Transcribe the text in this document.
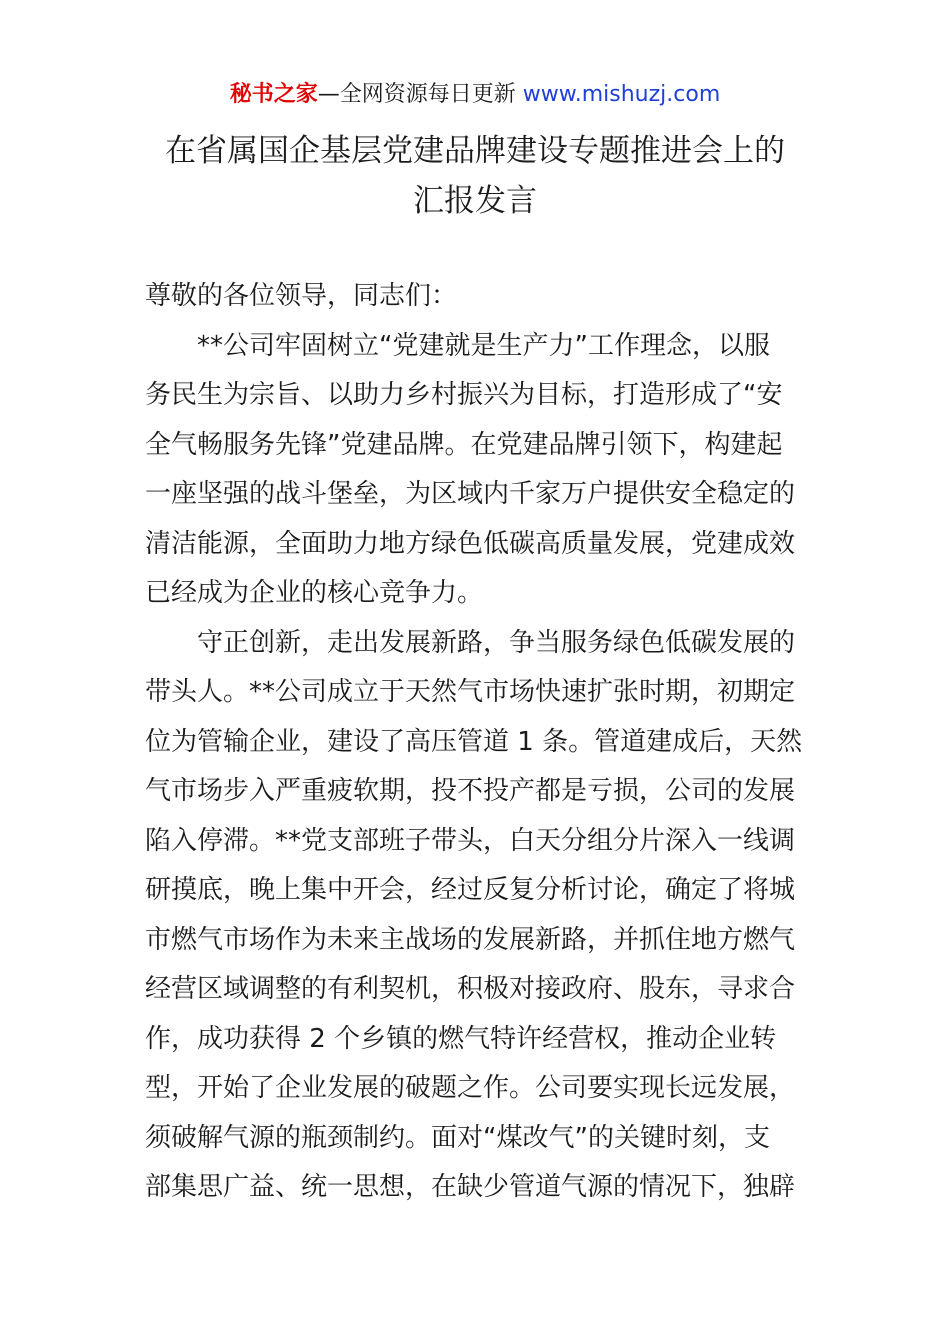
秘书之家—全网资源每日更新 www.mishuzj.com
在省属国企基层党建品牌建设专题推进会上的
汇报发言
尊敬的各位领导，同志们：
**公司牢固树立“党建就是生产力”工作理念，以服
务民生为宗旨、以助力乡村振兴为目标，打造形成了“安
全气畅服务先锋”党建品牌。在党建品牌引领下，构建起
一座坚强的战斗堡垒，为区域内千家万户提供安全稳定的
清洁能源，全面助力地方绿色低碳高质量发展，党建成效
已经成为企业的核心竞争力。
守正创新，走出发展新路，争当服务绿色低碳发展的
带头人。**公司成立于天然气市场快速扩张时期，初期定
位为管输企业，建设了高压管道 1 条。管道建成后，天然
气市场步入严重疲软期，投不投产都是亏损，公司的发展
陷入停滞。**党支部班子带头，白天分组分片深入一线调
研摸底，晚上集中开会，经过反复分析讨论，确定了将城
市燃气市场作为未来主战场的发展新路，并抓住地方燃气
经营区域调整的有利契机，积极对接政府、股东，寻求合
作，成功获得 2 个乡镇的燃气特许经营权，推动企业转
型，开始了企业发展的破题之作。公司要实现长远发展，
须破解气源的瓶颈制约。面对“煤改气”的关键时刻，支
部集思广益、统一思想，在缺少管道气源的情况下，独辟
